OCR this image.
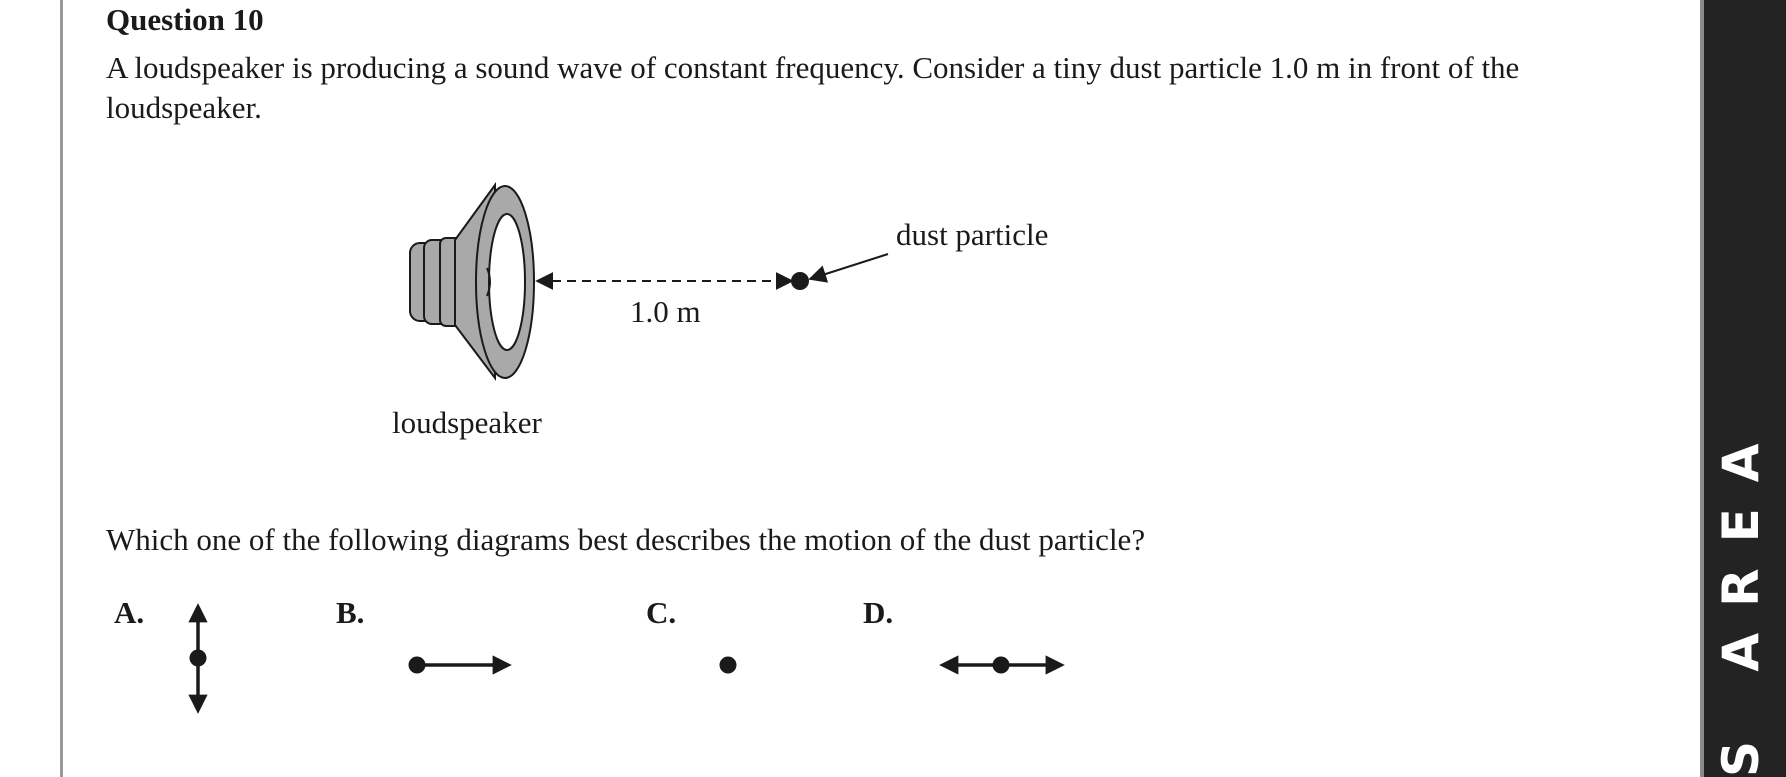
Question 10

A loudspeaker is producing a sound wave of constant frequency. Consider a tiny dust particle 1.0 m in front of the loudspeaker.

dust particle
1.0 m
loudspeaker

Which one of the following diagrams best describes the motion of the dust particle?

A.	B.	C.	D.	S AREA
